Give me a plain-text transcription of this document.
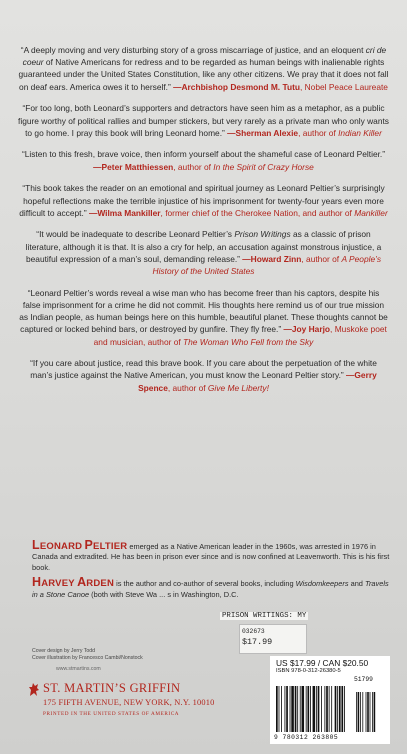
“A deeply moving and very disturbing story of a gross miscarriage of justice, and an eloquent cri de coeur of Native Americans for redress and to be regarded as human beings with inalienable rights guaranteed under the United States Constitution, like any other citizens. We pray that it does not fall on deaf ears. America owes it to herself.” —Archbishop Desmond M. Tutu, Nobel Peace Laureate

“For too long, both Leonard’s supporters and detractors have seen him as a metaphor, as a public figure worthy of political rallies and bumper stickers, but very rarely as a private man who only wants to go home. I pray this book will bring Leonard home.” —Sherman Alexie, author of Indian Killer

“Listen to this fresh, brave voice, then inform yourself about the shameful case of Leonard Peltier.” —Peter Matthiessen, author of In the Spirit of Crazy Horse

“This book takes the reader on an emotional and spiritual journey as Leonard Peltier’s surprisingly hopeful reflections make the terrible injustice of his imprisonment for twenty-four years even more difficult to accept.” —Wilma Mankiller, former chief of the Cherokee Nation, and author of Mankiller

“It would be inadequate to describe Leonard Peltier’s Prison Writings as a classic of prison literature, although it is that. It is also a cry for help, an accusation against monstrous injustice, a beautiful expression of a man’s soul, demanding release.” —Howard Zinn, author of A People’s History of the United States

“Leonard Peltier’s words reveal a wise man who has become freer than his captors, despite his false imprisonment for a crime he did not commit. His thoughts here remind us of our true mission as Indian people, as human beings here on this humble, beautiful planet. These thoughts cannot be captured or locked behind bars, or destroyed by gunfire. They fly free.” —Joy Harjo, Muskoke poet and musician, author of The Woman Who Fell from the Sky

“If you care about justice, read this brave book. If you care about the perpetuation of the white man’s justice against the Native American, you must know the Leonard Peltier story.” —Gerry Spence, author of Give Me Liberty!

LEONARD PELTIER emerged as a Native American leader in the 1960s, was arrested in 1976 in Canada and extradited. He has been in prison ever since and is now confined at Leavenworth. This is his first book.

HARVEY ARDEN is the author and co-author of several books, including Wisdomkeepers and Travels in a Stone Canoe (both with Steve Wa ... s in Washington, D.C.

Cover design by Jerry Todd
Cover illustration by Francesco Cambi/Nonstock
www.stmartins.com
ST. MARTIN’S GRIFFIN
175 FIFTH AVENUE, NEW YORK, N.Y. 10010
PRINTED IN THE UNITED STATES OF AMERICA
PRISON WRITINGS: MY
032673
$17.99
US $17.99 / CAN $20.50
ISBN 978-0-312-26380-5
9 780312 263805
51799
